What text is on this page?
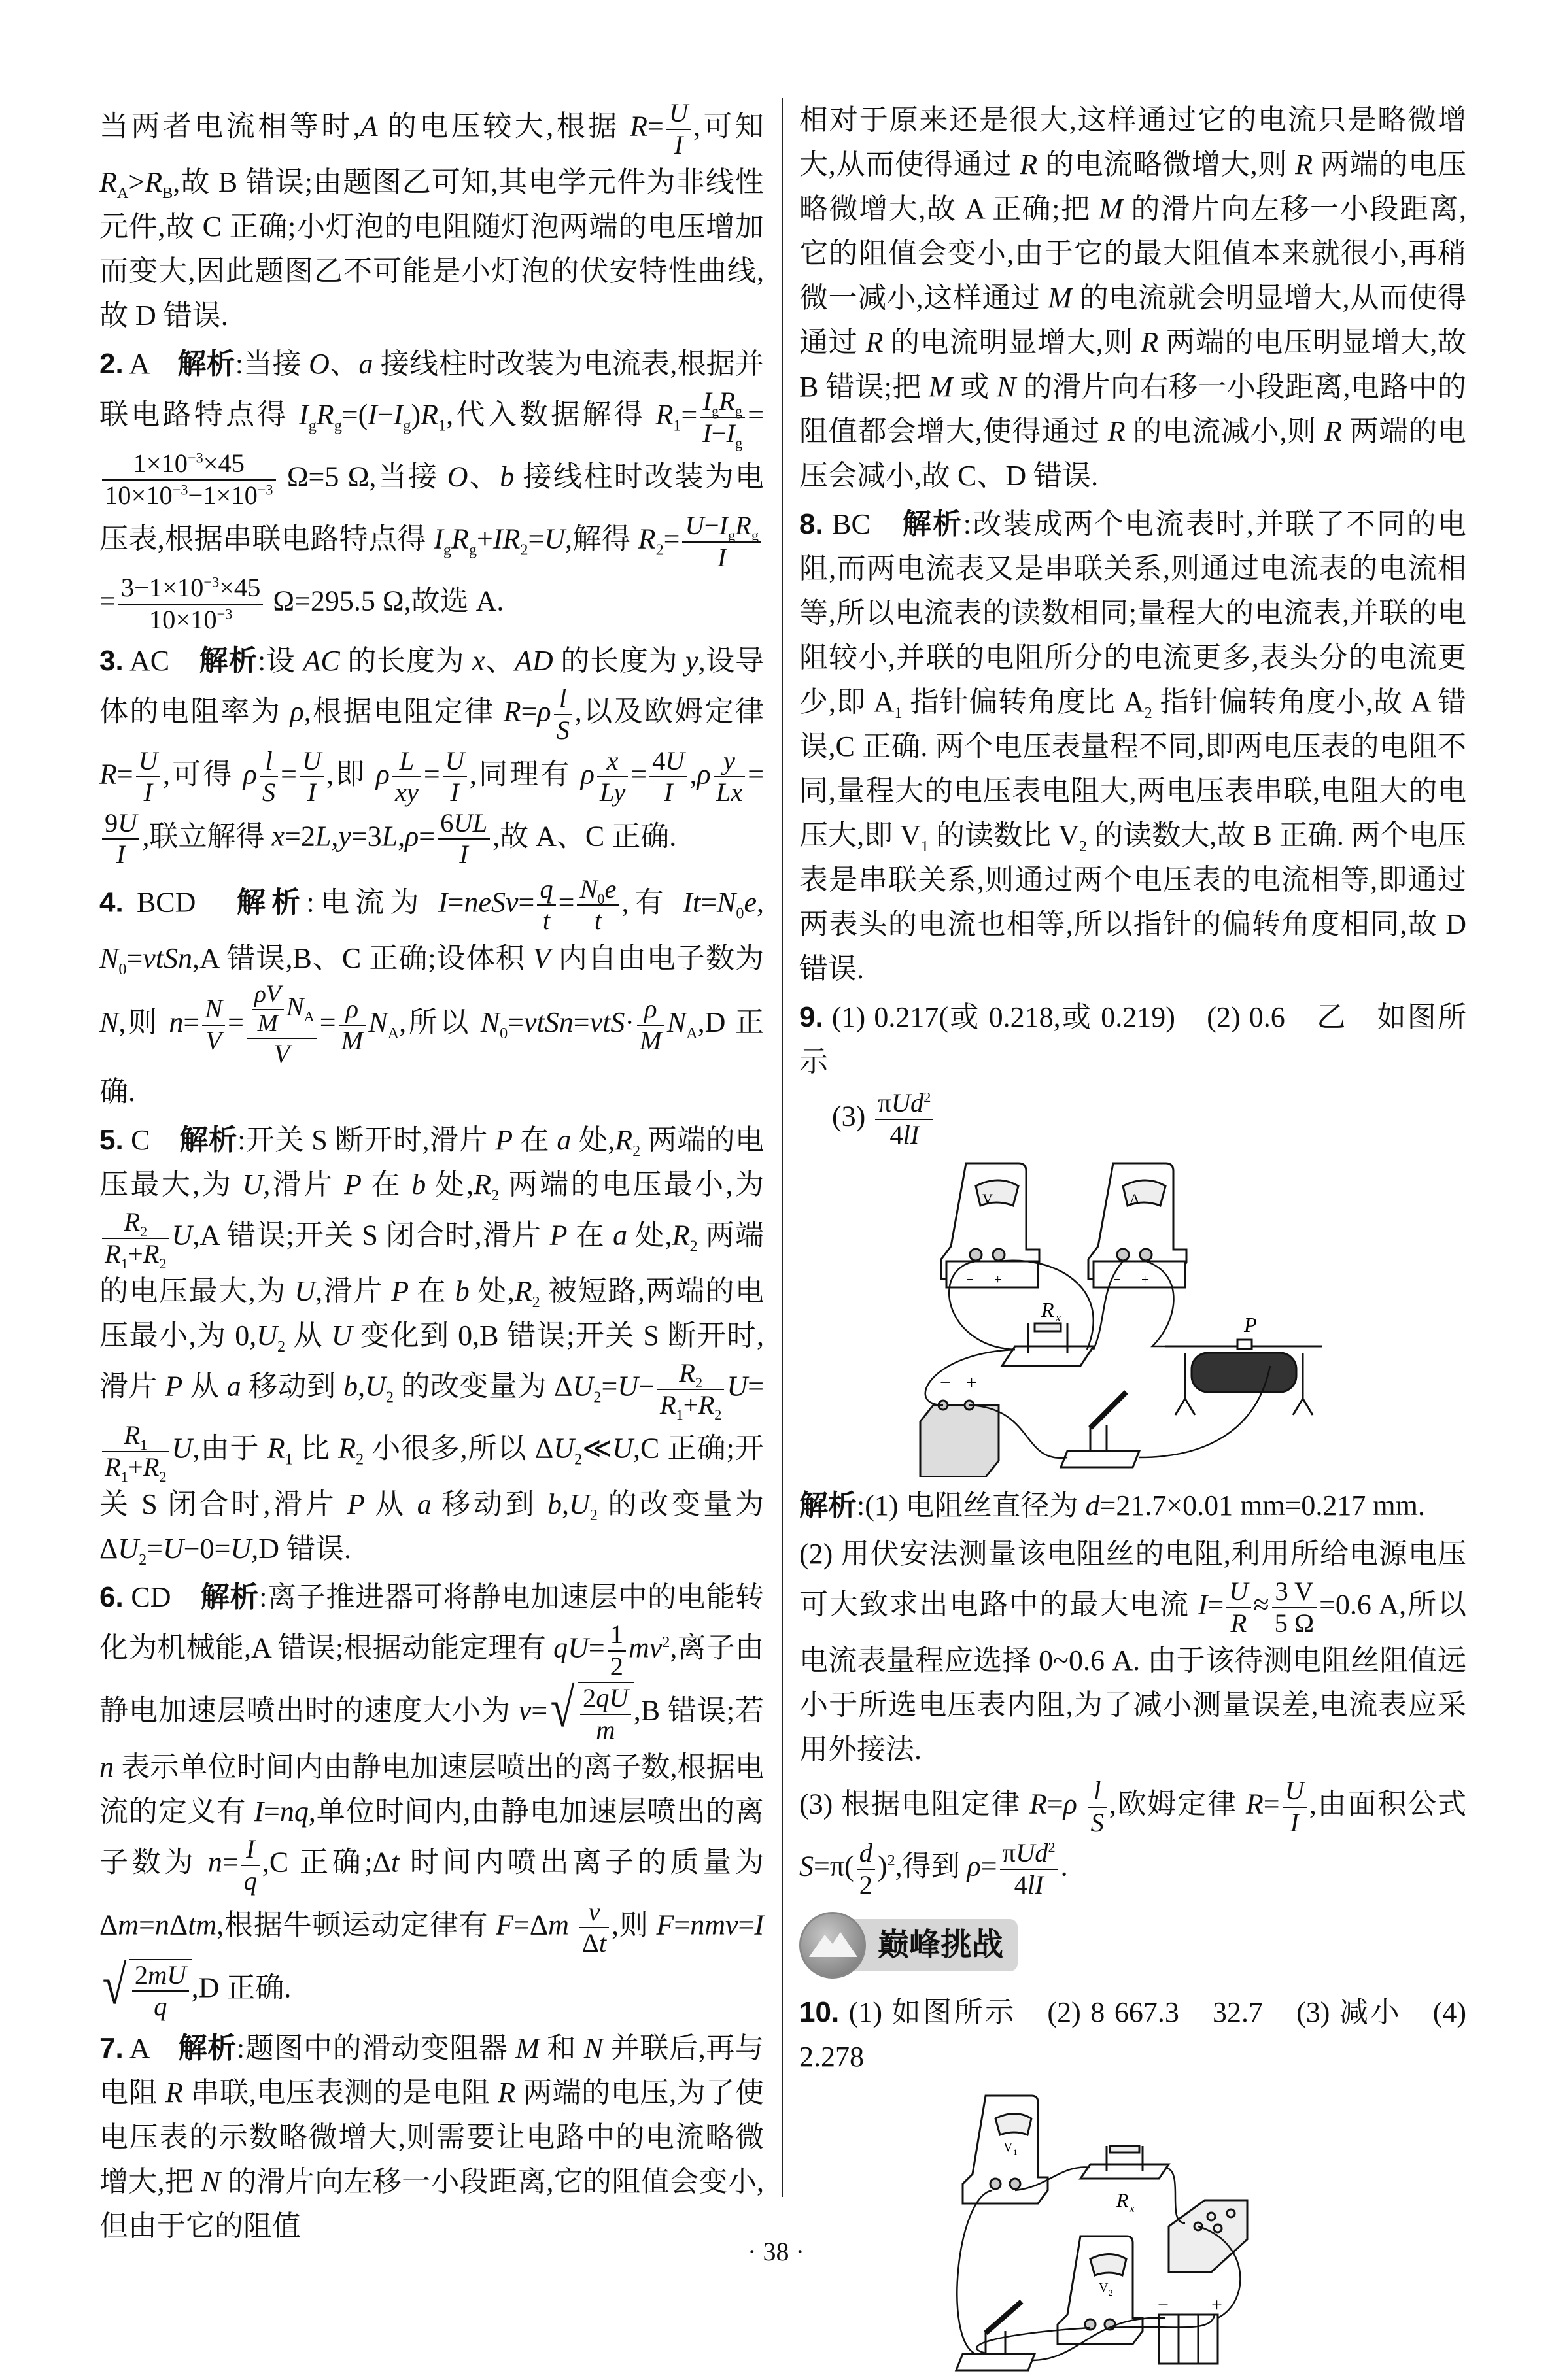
当两者电流相等时,A 的电压较大,根据 $R= \frac{U}{I}$ ,可知 $R_A>R_B$,故 B 错误;由题图乙可知,其电学元件为非线性元件,故 C 正确;小灯泡的电阻随灯泡两端的电压增加而变大,因此题图乙不可能是小灯泡的伏安特性曲线,故 D 错误.

2. A　解析:当接 O、a 接线柱时改装为电流表,根据并联电路特点得 $I_gR_g=(I-I_g)R_1$,代入数据解得 $R_1= \frac{I_gR_g}{I-I_g}$ =
$\frac{1\times 10^{-3}\times 45}{10\times 10^{-3}-1\times 10^{-3}} \Omega=5$ Ω,当接 O、b 接线柱时改装为电压表,根据串联电路特点得 $I_gR_g+IR_2=U$,解得 $R_2= \frac{U-I_gR_g}{I}$
= $\frac{3-1\times 10^{-3}\times 45}{10\times 10^{-3}} \Omega=295.5$ Ω,故选 A.

3. AC　解析:设 AC 的长度为 x、AD 的长度为 y,设导体的电阻率为 ρ,根据电阻定律 $R=\rho \frac{l}{S}$ ,以及欧姆定律 $R= \frac{U}{I}$ ,可得 ρ $\frac{l}{S} = \frac{U}{I}$ ,即 ρ $\frac{L}{xy} = \frac{U}{I}$ ,同理有 ρ $\frac{x}{Ly} = \frac{4U}{I} ,\rho \frac{y}{Lx}$ =
$\frac{9U}{I}$ ,联立解得 $x=2L,y=3L,\rho= \frac{6UL}{I}$ ,故 A、C 正确.

4. BCD　解析:电流为 I=neSv= $\frac{q}{t} = \frac{N_0e}{t}$ ,有 $It=N_0e$, $N_0=vtSn,A$ 错误,B、C 正确;设体积 V 内自由电子数为 N,则 $n= \frac{N}{V} = \frac{\frac{\rho V}{M} N_A}{V} = \frac{\rho}{M} N_A$,所以 $N_0=vtSn=vtS\cdot \frac{\rho}{M} N_A,D$ 正确.

5. C　解析:开关 S 断开时,滑片 P 在 a 处$,R_2$ 两端的电压最大,为 U,滑片 P 在 b 处$,R_2$ 两端的电压最小,为
$\frac{R_2}{R_1+R_2} U,A$ 错误;开关 S 闭合时,滑片 P 在 a 处$,R_2$ 两端的电压最大,为 U,滑片 P 在 b 处$,R_2$ 被短路,两端的电压最小,为 $0,U_2$ 从 U 变化到 0,B 错误;开关 S 断开时,滑片 P 从 a 移动到 $b,U_2$ 的改变量为 $\Delta U_2=U- \frac{R_2}{R_1+R_2} U=$
$\frac{R_1}{R_1+R_2} U$,由于 $R_1$ 比 $R_2$ 小很多,所以 $\Delta U_2≪U,C$ 正确;开关 S 闭合时,滑片 P 从 a 移动到 $b,U_2$ 的改变量为 $\Delta U_2=U-0=U,D$ 错误.

6. CD　解析:离子推进器可将静电加速层中的电能转化为机械能,A 错误;根据动能定理有 $qU= \frac{1}{2} mv^2$,离子由静电加速层喷出时的速度大小为 v= √ $\frac{2qU}{m} ,B$ 错误;若 n 表示单位时间内由静电加速层喷出的离子数,根据电流的定义有 I=nq,单位时间内,由静电加速层喷出的离子数为 $n= \frac{I}{q} ,C$ 正确;Δt 时间内喷出离子的质量为 Δm=nΔtm,根据牛顿运动定律有 $F=\Delta m \frac{v}{\Delta t}$ ,则 F=nmv=I
√ $\frac{2mU}{q} ,D$ 正确.

7. A　解析:题图中的滑动变阻器 M 和 N 并联后,再与电阻 R 串联,电压表测的是电阻 R 两端的电压,为了使电压表的示数略微增大,则需要让电路中的电流略微增大,把 N 的滑片向左移一小段距离,它的阻值会变小,但由于它的阻值

相对于原来还是很大,这样通过它的电流只是略微增大,从而使得通过 R 的电流略微增大,则 R 两端的电压略微增大,故 A 正确;把 M 的滑片向左移一小段距离,它的阻值会变小,由于它的最大阻值本来就很小,再稍微一减小,这样通过 M 的电流就会明显增大,从而使得通过 R 的电流明显增大,则 R 两端的电压明显增大,故 B 错误;把 M 或 N 的滑片向右移一小段距离,电路中的阻值都会增大,使得通过 R 的电流减小,则 R 两端的电压会减小,故 C、D 错误.

8. BC　解析:改装成两个电流表时,并联了不同的电阻,而两电流表又是串联关系,则通过电流表的电流相等,所以电流表的读数相同;量程大的电流表,并联的电阻较小,并联的电阻所分的电流更多,表头分的电流更少,即 $A_1$ 指针偏转角度比 $A_2$ 指针偏转角度小,故 A 错误,C 正确. 两个电压表量程不同,即两电压表的电阻不同,量程大的电压表电阻大,两电压表串联,电阻大的电压大,即 $V_1$ 的读数比 $V_2$ 的读数大,故 B 正确. 两个电压表是串联关系,则通过两个电压表的电流相等,即通过两表头的电流也相等,所以指针的偏转角度相同,故 D 错误.

9. (1) 0.217(或 0.218,或 0.219)　(2) 0.6　乙　如图所示

$(3) \frac{\pi Ud^2}{4lI}$

V	A
R x	P
− +
− +	− +

解析:(1) 电阻丝直径为 d=21.7×0.01 mm=0.217 mm.

(2) 用伏安法测量该电阻丝的电阻,利用所给电源电压可大致求出电路中的最大电流 $I= \frac{U}{R} \approx \frac{3 V}{5 \Omega} =0.6$ A,所以电流表量程应选择 0~0.6 A. 由于该待测电阻丝阻值远小于所选电压表内阻,为了减小测量误差,电流表应采用外接法.

(3) 根据电阻定律 $R=\rho \frac{l}{S}$ ,欧姆定律 $R= \frac{U}{I}$ ,由面积公式 $S=\pi( \frac{d}{2} )^2$,得到 $\rho= \frac{\pi Ud^2}{4lI}$ .

巅峰挑战

10. (1) 如图所示　(2) 8 667.3　32.7　(3) 减小　(4) 2.278

V 1
V 2
R x
− +
· 38 ·
